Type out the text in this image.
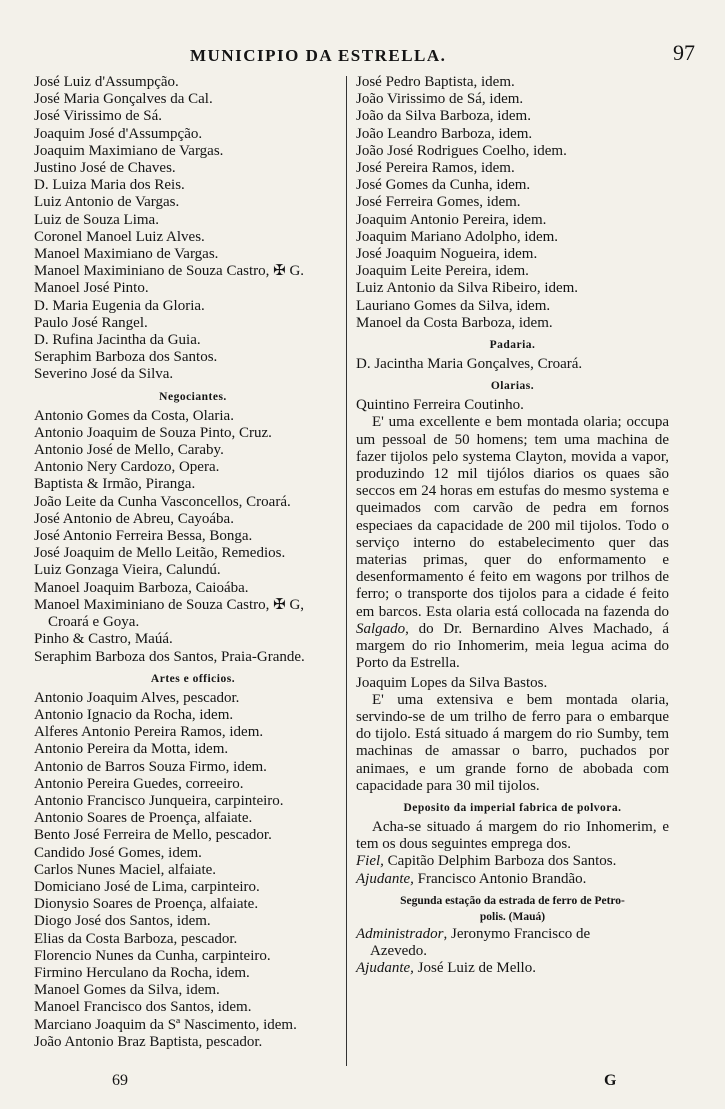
MUNICIPIO DA ESTRELLA.	97
José Luiz d'Assumpção.
José Maria Gonçalves da Cal.
José Virissimo de Sá.
Joaquim José d'Assumpção.
Joaquim Maximiano de Vargas.
Justino José de Chaves.
D. Luiza Maria dos Reis.
Luiz Antonio de Vargas.
Luiz de Souza Lima.
Coronel Manoel Luiz Alves.
Manoel Maximiano de Vargas.
Manoel Maximiniano de Souza Castro, ✠ G.
Manoel José Pinto.
D. Maria Eugenia da Gloria.
Paulo José Rangel.
D. Rufina Jacintha da Guia.
Seraphim Barboza dos Santos.
Severino José da Silva.
Negociantes.
Antonio Gomes da Costa, Olaria.
Antonio Joaquim de Souza Pinto, Cruz.
Antonio José de Mello, Caraby.
Antonio Nery Cardozo, Opera.
Baptista & Irmão, Piranga.
João Leite da Cunha Vasconcellos, Croará.
José Antonio de Abreu, Cayoába.
José Antonio Ferreira Bessa, Bonga.
José Joaquim de Mello Leitão, Remedios.
Luiz Gonzaga Vieira, Calundú.
Manoel Joaquim Barboza, Caioába.
Manoel Maximiniano de Souza Castro, ✠ G,
Croará e Goya.
Pinho & Castro, Maúá.
Seraphim Barboza dos Santos, Praia-Grande.
Artes e officios.
Antonio Joaquim Alves, pescador.
Antonio Ignacio da Rocha, idem.
Alferes Antonio Pereira Ramos, idem.
Antonio Pereira da Motta, idem.
Antonio de Barros Souza Firmo, idem.
Antonio Pereira Guedes, correeiro.
Antonio Francisco Junqueira, carpinteiro.
Antonio Soares de Proença, alfaiate.
Bento José Ferreira de Mello, pescador.
Candido José Gomes, idem.
Carlos Nunes Maciel, alfaiate.
Domiciano José de Lima, carpinteiro.
Dionysio Soares de Proença, alfaiate.
Diogo José dos Santos, idem.
Elias da Costa Barboza, pescador.
Florencio Nunes da Cunha, carpinteiro.
Firmino Herculano da Rocha, idem.
Manoel Gomes da Silva, idem.
Manoel Francisco dos Santos, idem.
Marciano Joaquim da Sª Nascimento, idem.
João Antonio Braz Baptista, pescador.
José Pedro Baptista, idem.
João Virissimo de Sá, idem.
João da Silva Barboza, idem.
João Leandro Barboza, idem.
João José Rodrigues Coelho, idem.
José Pereira Ramos, idem.
José Gomes da Cunha, idem.
José Ferreira Gomes, idem.
Joaquim Antonio Pereira, idem.
Joaquim Mariano Adolpho, idem.
José Joaquim Nogueira, idem.
Joaquim Leite Pereira, idem.
Luiz Antonio da Silva Ribeiro, idem.
Lauriano Gomes da Silva, idem.
Manoel da Costa Barboza, idem.
Padaria.
D. Jacintha Maria Gonçalves, Croará.
Olarias.
Quintino Ferreira Coutinho.
E' uma excellente e bem montada olaria; occupa um pessoal de 50 homens; tem uma machina de fazer tijolos pelo systema Clayton, movida a vapor, produzindo 12 mil tijólos diarios os quaes são seccos em 24 horas em estufas do mesmo systema e queimados com carvão de pedra em fornos especiaes da capacidade de 200 mil tijolos. Todo o serviço interno do estabelecimento quer das materias primas, quer do enformamento e desenformamento é feito em wagons por trilhos de ferro; o transporte dos tijolos para a cidade é feito em barcos. Esta olaria está collocada na fazenda do Salgado, do Dr. Bernardino Alves Machado, á margem do rio Inhomerim, meia legua acima do Porto da Estrella.
Joaquim Lopes da Silva Bastos.
E' uma extensiva e bem montada olaria, servindo-se de um trilho de ferro para o embarque do tijolo. Está situado á margem do rio Sumby, tem machinas de amassar o barro, puchados por animaes, e um grande forno de abobada com capacidade para 30 mil tijolos.
Deposito da imperial fabrica de polvora.
Acha-se situado á margem do rio Inhomerim, e tem os dous seguintes emprega dos.
Fiel, Capitão Delphim Barboza dos Santos.
Ajudante, Francisco Antonio Brandão.
Segunda estação da estrada de ferro de Petro-
polis. (Mauá)
Administrador, Jeronymo Francisco de
Azevedo.
Ajudante, José Luiz de Mello.
69	G
